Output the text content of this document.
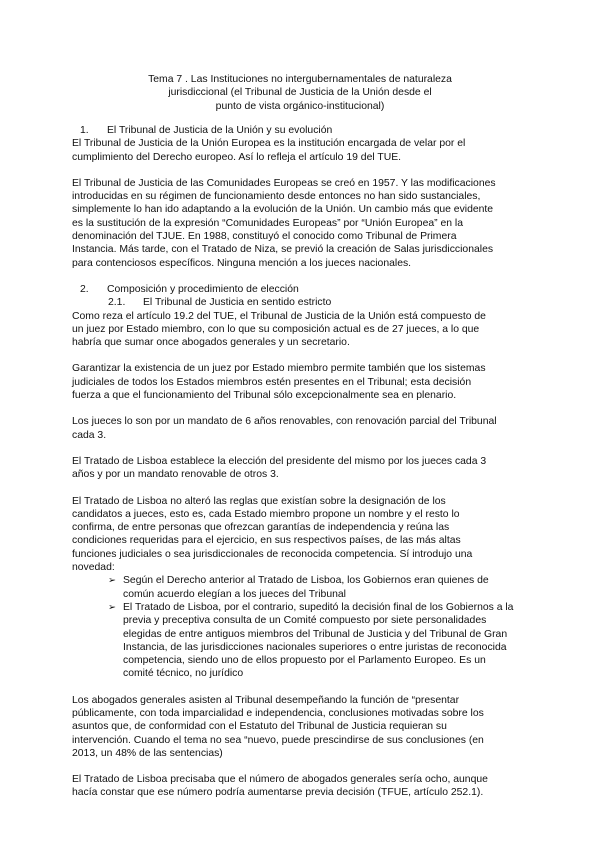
Tema 7 . Las Instituciones no intergubernamentales de naturaleza
jurisdiccional (el Tribunal de Justicia de la Unión desde el
punto de vista orgánico-institucional)
1. El Tribunal de Justicia de la Unión y su evolución

El Tribunal de Justicia de la Unión Europea es la institución encargada de velar por el
cumplimiento del Derecho europeo. Así lo refleja el artículo 19 del TUE.

El Tribunal de Justicia de las Comunidades Europeas se creó en 1957. Y las modificaciones
introducidas en su régimen de funcionamiento desde entonces no han sido sustanciales,
simplemente lo han ido adaptando a la evolución de la Unión. Un cambio más que evidente
es la sustitución de la expresión “Comunidades Europeas” por “Unión Europea” en la
denominación del TJUE. En 1988, constituyó el conocido como Tribunal de Primera
Instancia. Más tarde, con el Tratado de Niza, se previó la creación de Salas jurisdiccionales
para contenciosos específicos. Ninguna mención a los jueces nacionales.

2. Composición y procedimiento de elección
2.1. El Tribunal de Justicia en sentido estricto

Como reza el artículo 19.2 del TUE, el Tribunal de Justicia de la Unión está compuesto de
un juez por Estado miembro, con lo que su composición actual es de 27 jueces, a lo que
habría que sumar once abogados generales y un secretario.

Garantizar la existencia de un juez por Estado miembro permite también que los sistemas
judiciales de todos los Estados miembros estén presentes en el Tribunal; esta decisión
fuerza a que el funcionamiento del Tribunal sólo excepcionalmente sea en plenario.

Los jueces lo son por un mandato de 6 años renovables, con renovación parcial del Tribunal
cada 3.

El Tratado de Lisboa establece la elección del presidente del mismo por los jueces cada 3
años y por un mandato renovable de otros 3.

El Tratado de Lisboa no alteró las reglas que existían sobre la designación de los
candidatos a jueces, esto es, cada Estado miembro propone un nombre y el resto lo
confirma, de entre personas que ofrezcan garantías de independencia y reúna las
condiciones requeridas para el ejercicio, en sus respectivos países, de las más altas
funciones judiciales o sea jurisdiccionales de reconocida competencia. Sí introdujo una
novedad:

➢ Según el Derecho anterior al Tratado de Lisboa, los Gobiernos eran quienes de
común acuerdo elegían a los jueces del Tribunal
➢ El Tratado de Lisboa, por el contrario, supeditó la decisión final de los Gobiernos a la
previa y preceptiva consulta de un Comité compuesto por siete personalidades
elegidas de entre antiguos miembros del Tribunal de Justicia y del Tribunal de Gran
Instancia, de las jurisdicciones nacionales superiores o entre juristas de reconocida
competencia, siendo uno de ellos propuesto por el Parlamento Europeo. Es un
comité técnico, no jurídico

Los abogados generales asisten al Tribunal desempeñando la función de “presentar
públicamente, con toda imparcialidad e independencia, conclusiones motivadas sobre los
asuntos que, de conformidad con el Estatuto del Tribunal de Justicia requieran su
intervención. Cuando el tema no sea “nuevo, puede prescindirse de sus conclusiones (en
2013, un 48% de las sentencias)

El Tratado de Lisboa precisaba que el número de abogados generales sería ocho, aunque
hacía constar que ese número podría aumentarse previa decisión (TFUE, artículo 252.1).
